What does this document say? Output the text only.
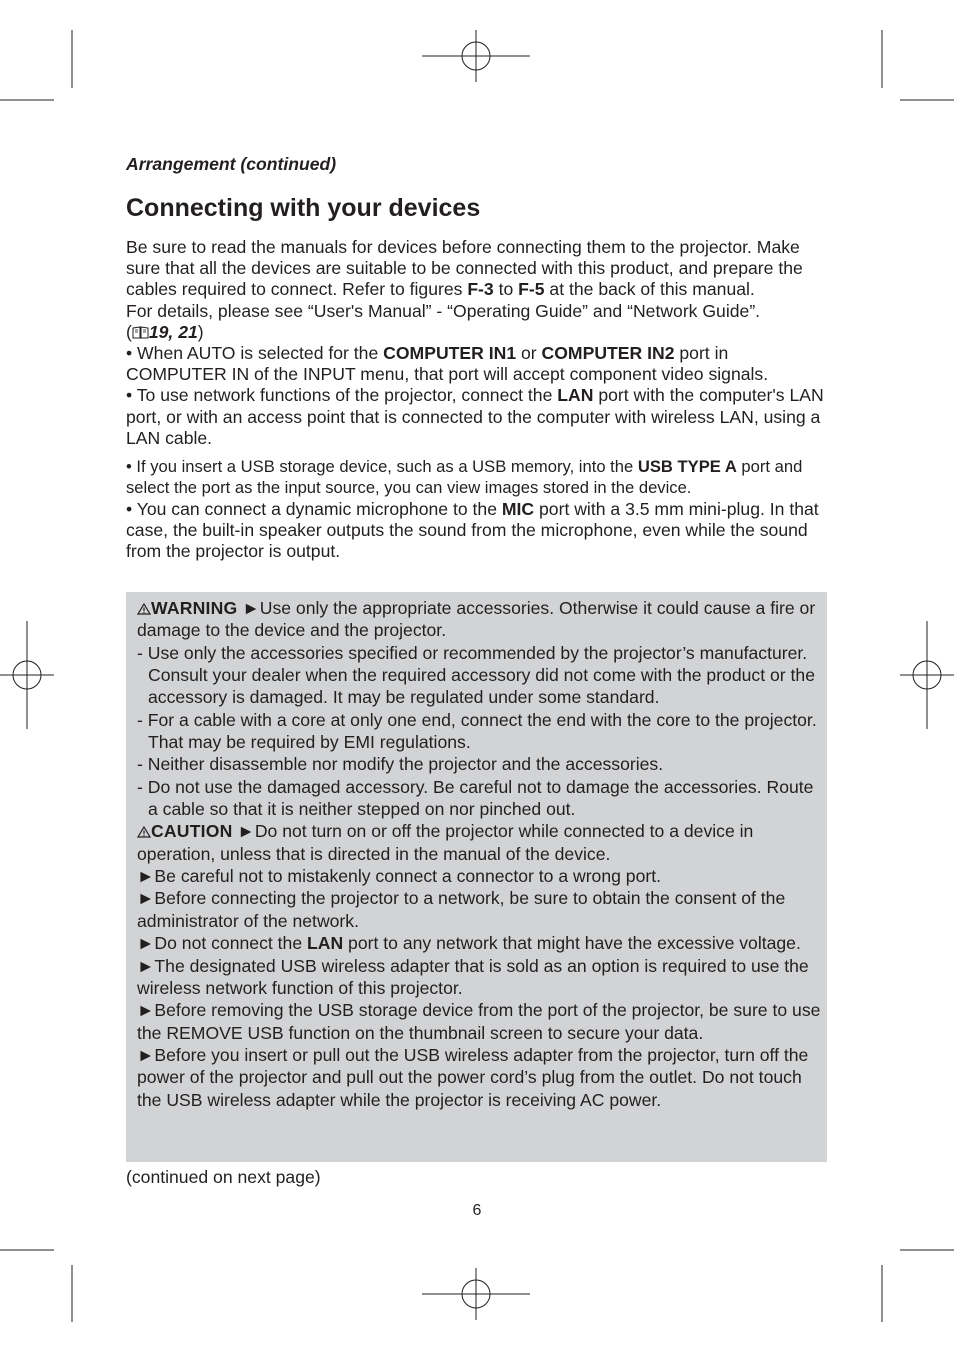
Arrangement (continued)

Connecting with your devices

Be sure to read the manuals for devices before connecting them to the projector. Make sure that all the devices are suitable to be connected with this product, and prepare the cables required to connect. Refer to figures F-3 to F-5 at the back of this manual.

For details, please see “User's Manual” - “Operating Guide” and “Network Guide”.
( 19, 21)

• When AUTO is selected for the COMPUTER IN1 or COMPUTER IN2 port in COMPUTER IN of the INPUT menu, that port will accept component video signals.

• To use network functions of the projector, connect the LAN port with the computer's LAN port, or with an access point that is connected to the computer with wireless LAN, using a LAN cable.

• If you insert a USB storage device, such as a USB memory, into the USB TYPE A port and select the port as the input source, you can view images stored in the device.

• You can connect a dynamic microphone to the MIC port with a 3.5 mm mini-plug. In that case, the built-in speaker outputs the sound from the microphone, even while the sound from the projector is output.

WARNING ►Use only the appropriate accessories. Otherwise it could cause a fire or damage to the device and the projector.

- Use only the accessories specified or recommended by the projector’s manufacturer. Consult your dealer when the required accessory did not come with the product or the accessory is damaged. It may be regulated under some standard.

- For a cable with a core at only one end, connect the end with the core to the projector. That may be required by EMI regulations.

- Neither disassemble nor modify the projector and the accessories.

- Do not use the damaged accessory. Be careful not to damage the accessories. Route a cable so that it is neither stepped on nor pinched out.

CAUTION ►Do not turn on or off the projector while connected to a device in operation, unless that is directed in the manual of the device.

►Be careful not to mistakenly connect a connector to a wrong port.

►Before connecting the projector to a network, be sure to obtain the consent of the administrator of the network.

►Do not connect the LAN port to any network that might have the excessive voltage.

►The designated USB wireless adapter that is sold as an option is required to use the wireless network function of this projector.

►Before removing the USB storage device from the port of the projector, be sure to use the REMOVE USB function on the thumbnail screen to secure your data.

►Before you insert or pull out the USB wireless adapter from the projector, turn off the power of the projector and pull out the power cord’s plug from the outlet. Do not touch the USB wireless adapter while the projector is receiving AC power.

(continued on next page)
6
